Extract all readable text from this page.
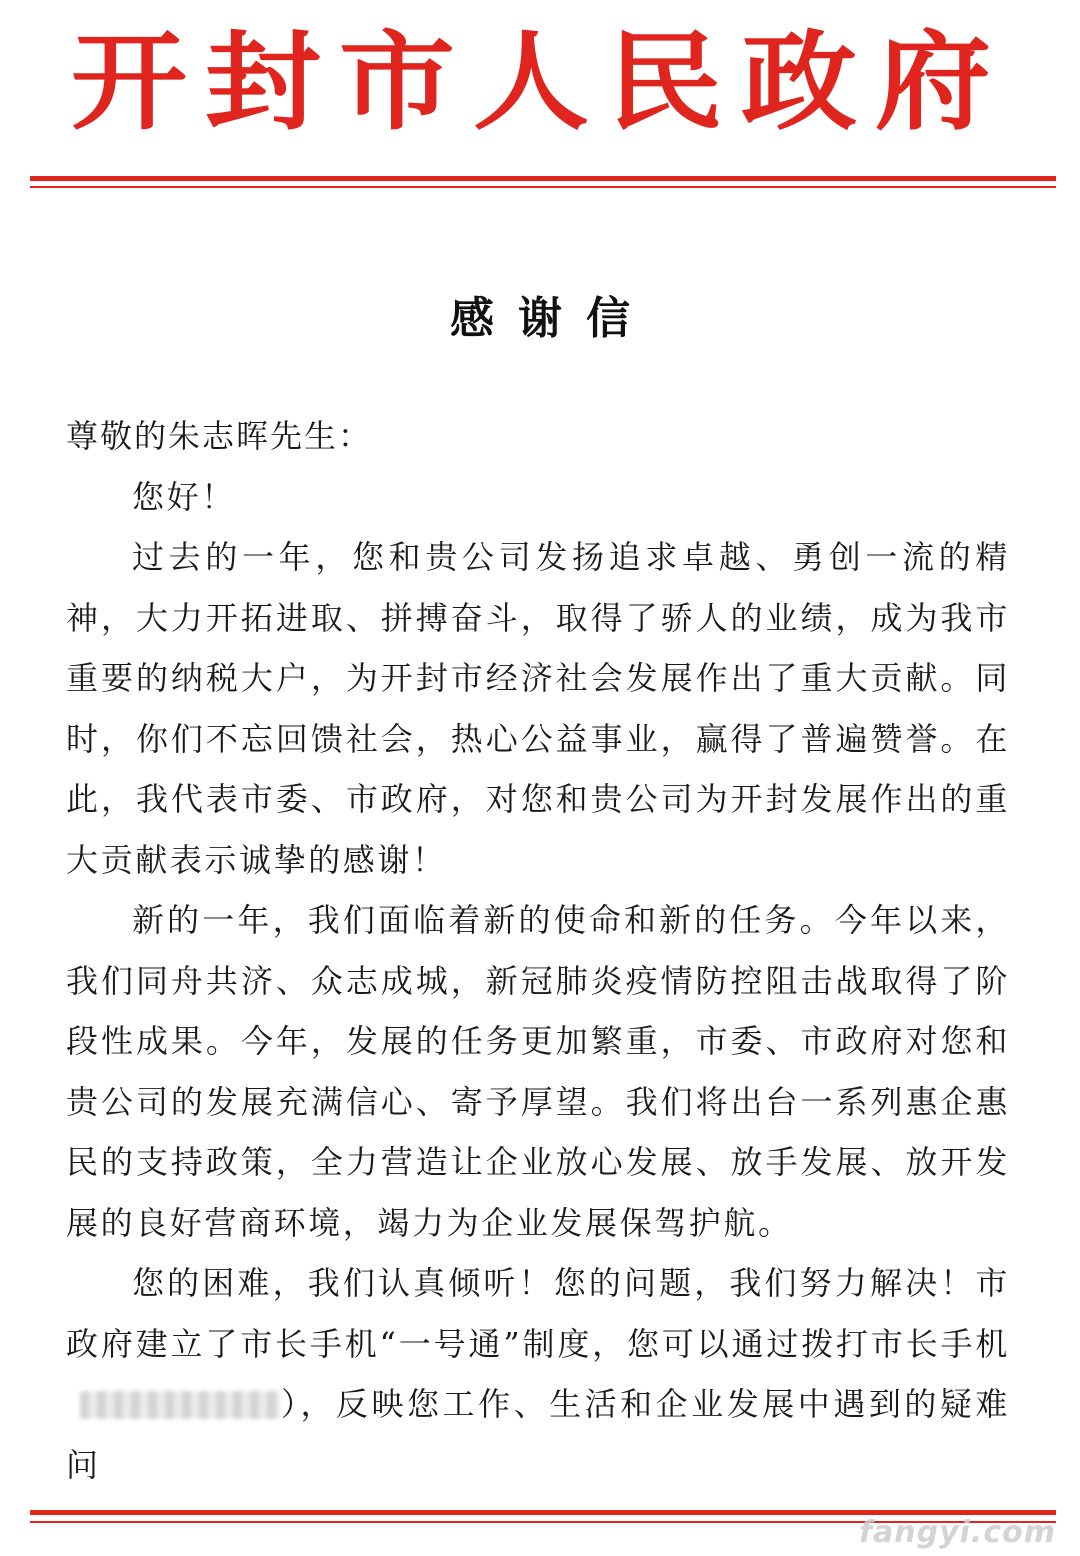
开封市人民政府
感谢信

尊敬的朱志晖先生：

您好！

过去的一年，您和贵公司发扬追求卓越、勇创一流的精神，大力开拓进取、拼搏奋斗，取得了骄人的业绩，成为我市重要的纳税大户，为开封市经济社会发展作出了重大贡献。同时，你们不忘回馈社会，热心公益事业，赢得了普遍赞誉。在此，我代表市委、市政府，对您和贵公司为开封发展作出的重大贡献表示诚挚的感谢！

新的一年，我们面临着新的使命和新的任务。今年以来，我们同舟共济、众志成城，新冠肺炎疫情防控阻击战取得了阶段性成果。今年，发展的任务更加繁重，市委、市政府对您和贵公司的发展充满信心、寄予厚望。我们将出台一系列惠企惠民的支持政策，全力营造让企业放心发展、放手发展、放开发展的良好营商环境，竭力为企业发展保驾护航。

您的困难，我们认真倾听！您的问题，我们努力解决！市政府建立了市长手机“一号通”制度，您可以通过拨打市长手机），反映您工作、生活和企业发展中遇到的疑难问

fangyi.com
